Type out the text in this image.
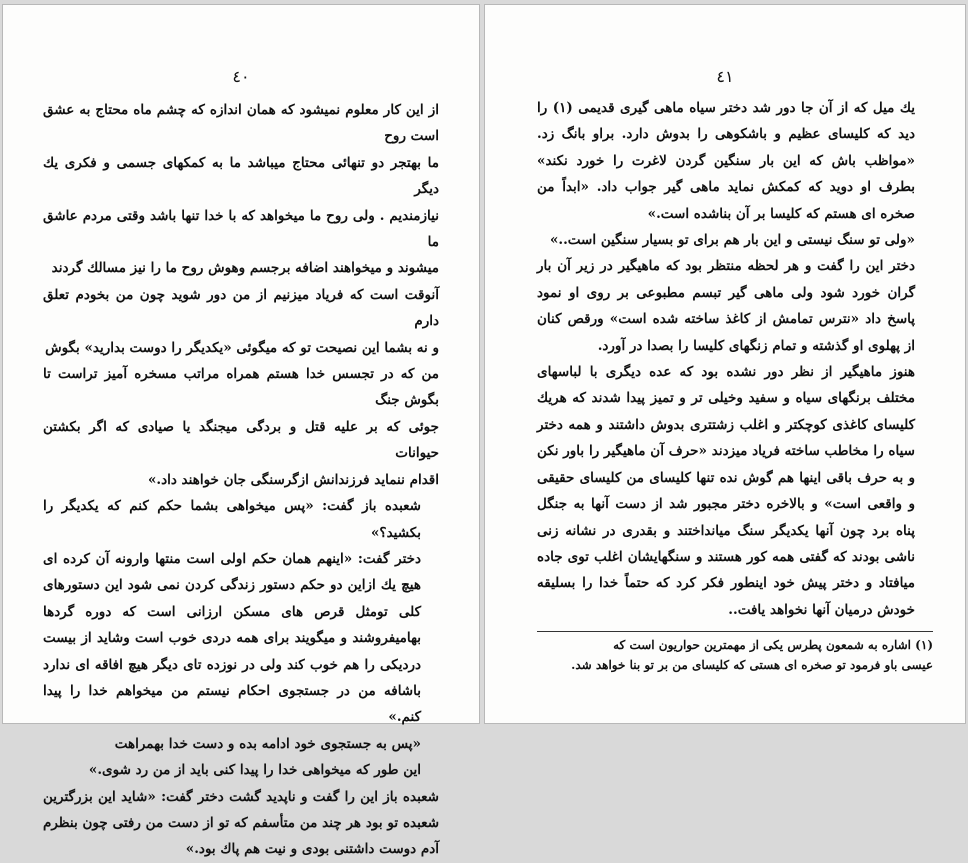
٤٠

از این کار معلوم نمیشود که همان اندازه که چشم ماه محتاج به عشق است روح

ما بهتجر دو تنهائی محتاج میباشد ما به کمکهای جسمی و فکری یك دیگر

نیازمندیم . ولی روح ما میخواهد که با خدا تنها باشد وقتی مردم عاشق ما

میشوند و میخواهند اضافه برجسم وهوش روح ما را نیز مسالك گردند

آنوقت است که فریاد میزنیم از من دور شوید چون من بخودم تعلق دارم

و نه بشما این نصیحت تو که میگوئی «یکدیگر را دوست بدارید» بگوش

من که در تجسس خدا هستم همراه مراتب مسخره آمیز تراست تا بگوش جنگ

جوئی که بر علیه قتل و بردگی میجنگد یا صیادی که اگر بکشتن حیوانات

اقدام ننماید فرزندانش ازگرسنگی جان خواهند داد.»

شعبده باز گفت: «پس میخواهی بشما حکم کنم که یکدیگر را بکشید؟»

دختر گفت: «اینهم همان حکم اولی است منتها وارونه آن کرده ای هیچ یك ازاین دو حکم دستور زندگی کردن نمی شود این دستورهای کلی تومثل قرص های مسکن ارزانی است که دوره گردها بهامیفروشند و میگویند برای همه دردی خوب است وشاید از بیست دردیکی را هم خوب کند ولی در نوزده تای دیگر هیچ افاقه ای ندارد باشافه من در جستجوی احکام نیستم من میخواهم خدا را پیدا کنم.»

«پس به جستجوی خود ادامه بده و دست خدا بهمراهت

این طور که میخواهی خدا را پیدا کنی باید از من رد شوی.»

شعبده باز این را گفت و ناپدید گشت دختر گفت: «شاید این بزرگترین شعبده تو بود هر چند من متأسفم که تو از دست من رفتی چون بنظرم آدم دوست داشتنی بودی و نیت هم پاك بود.»

٤١

یك میل که از آن جا دور شد دختر سیاه ماهی گیری قدیمی (١) را دید که کلیسای عظیم و باشکوهی را بدوش دارد. براو بانگ زد. «مواظب باش که این بار سنگین گردن لاغرت را خورد نکند» بطرف او دوید که کمکش نماید ماهی گیر جواب داد. «ابداً من صخره ای هستم که کلیسا بر آن بناشده است.»

«ولی تو سنگ نیستی و این بار هم برای تو بسیار سنگین است..»

دختر این را گفت و هر لحظه منتظر بود که ماهیگیر در زیر آن بار گران خورد شود ولی ماهی گیر تبسم مطبوعی بر روی او نمود پاسخ داد «نترس تمامش از کاغذ ساخته شده است» ورقص کنان از پهلوی او گذشته و تمام زنگهای کلیسا را بصدا در آورد.

هنوز ماهیگیر از نظر دور نشده بود که عده دیگری با لباسهای مختلف برنگهای سیاه و سفید وخیلی تر و تمیز پیدا شدند که هریك کلیسای کاغذی کوچکتر و اغلب زشتتری بدوش داشتند و همه دختر سیاه را مخاطب ساخته فریاد میزدند «حرف آن ماهیگیر را باور نکن و به حرف باقی اینها هم گوش نده تنها کلیسای من کلیسای حقیقی و واقعی است» و بالاخره دختر مجبور شد از دست آنها به جنگل پناه برد چون آنها یکدیگر سنگ میانداختند و بقدری در نشانه زنی ناشی بودند که گفتی همه کور هستند و سنگهایشان اغلب توی جاده میافتاد و دختر پیش خود اینطور فکر کرد که حتماً خدا را بسلیقه خودش درمیان آنها نخواهد یافت..

(١) اشاره به شمعون پطرس یکی از مهمترین حواریون است که

عیسی باو فرمود تو صخره ای هستی که کلیسای من بر تو بنا خواهد شد.
